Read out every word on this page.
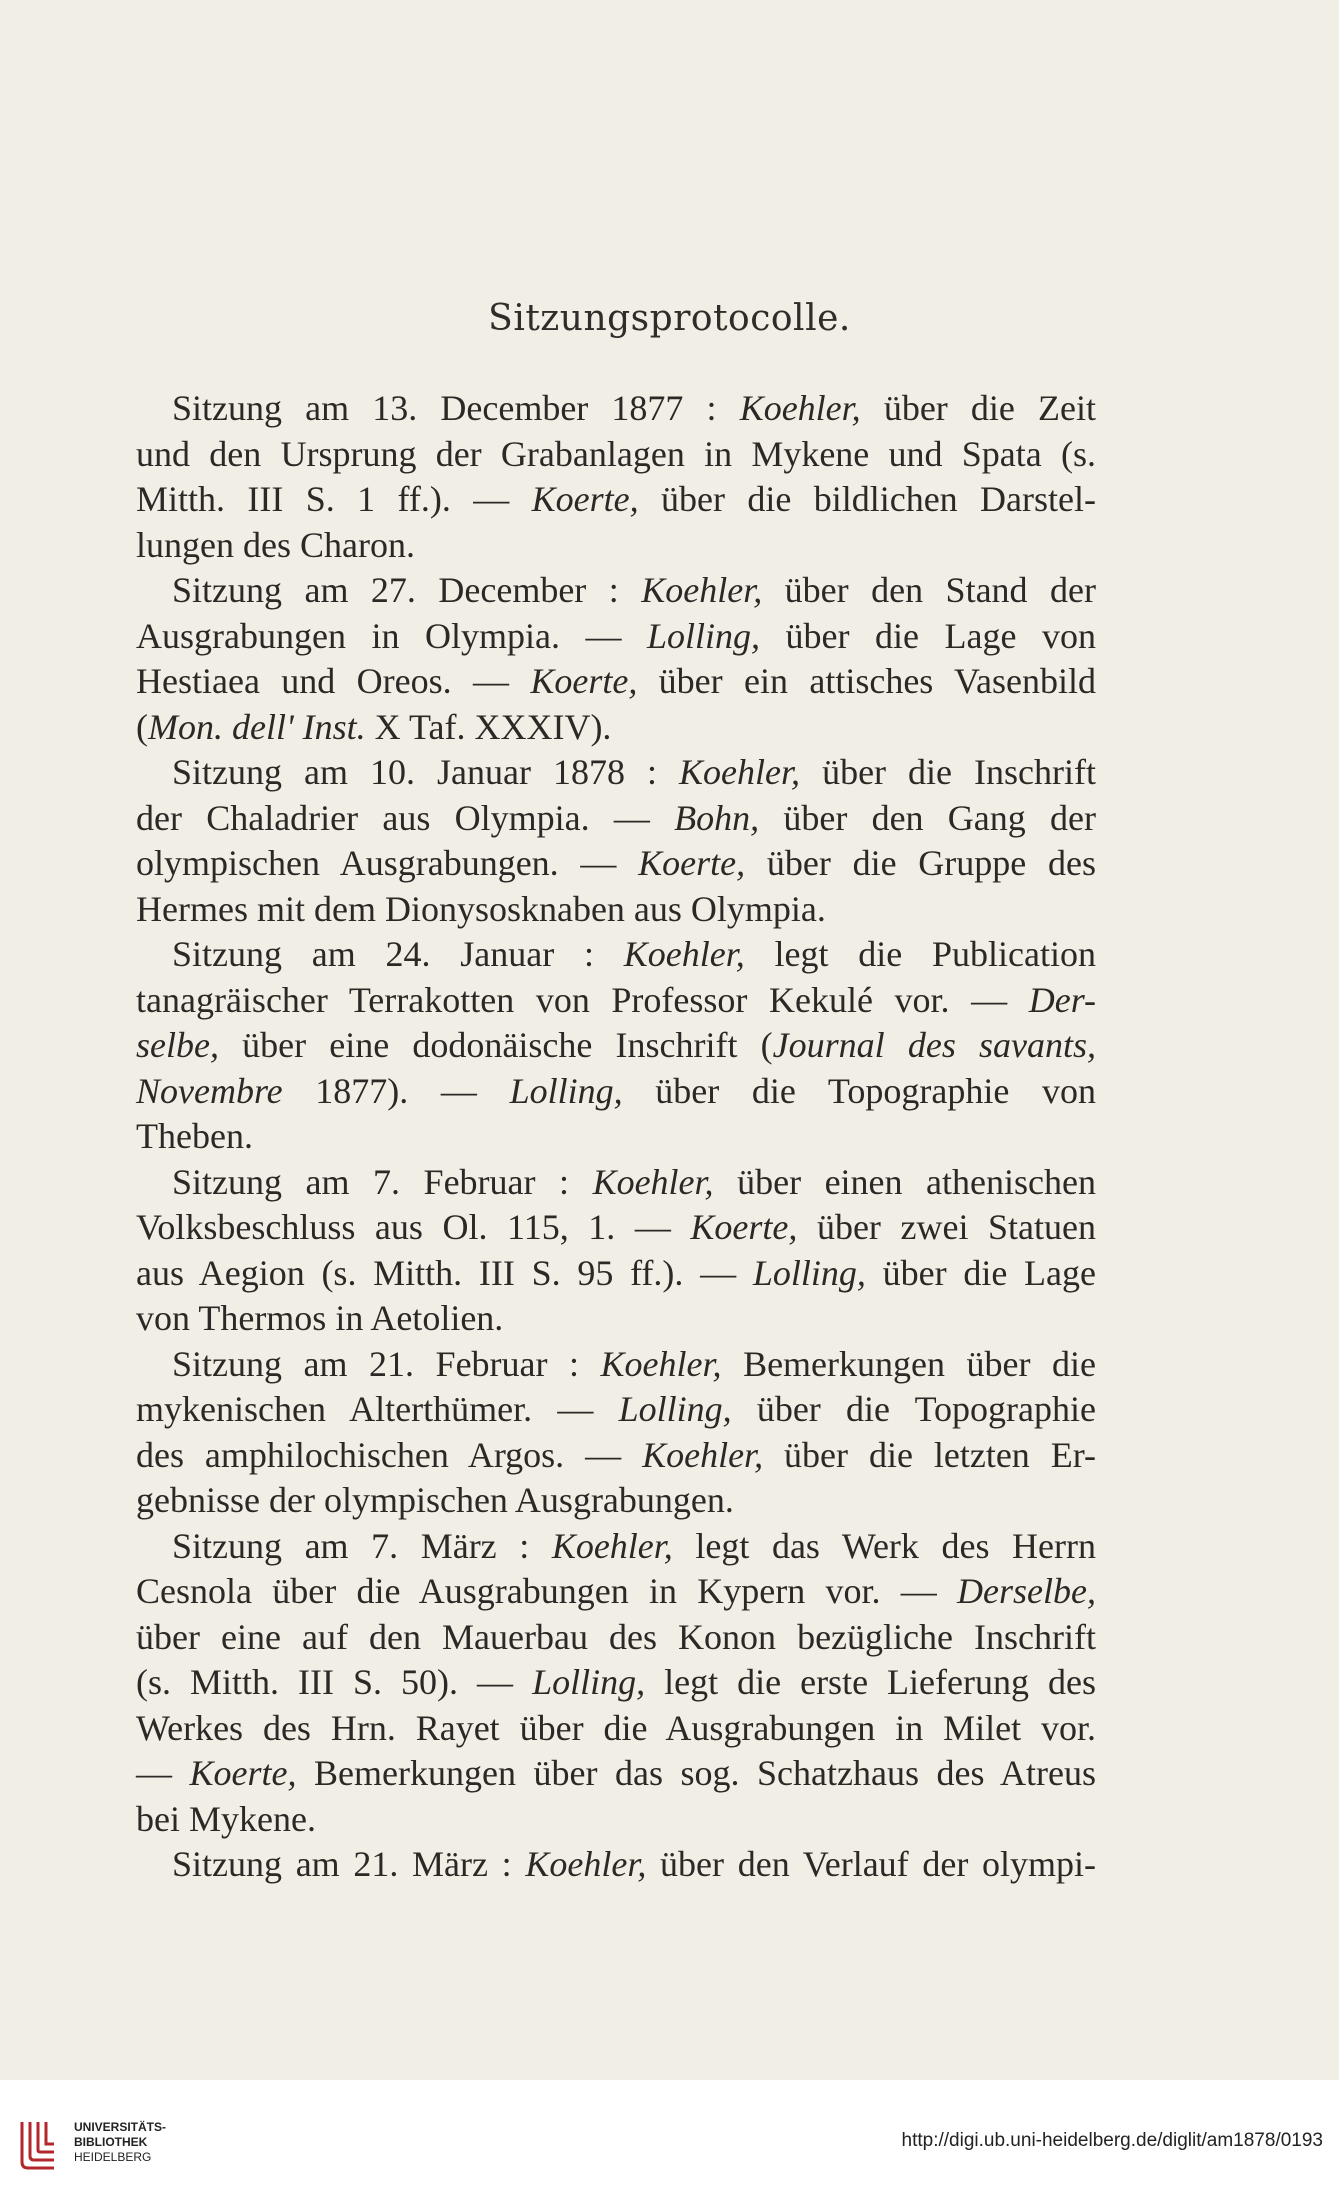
Sitzungsprotocolle.
Sitzung am 13. December 1877 : Koehler, über die Zeit
und den Ursprung der Grabanlagen in Mykene und Spata (s.
Mitth. III S. 1 ff.). — Koerte, über die bildlichen Darstel-
lungen des Charon.
Sitzung am 27. December : Koehler, über den Stand der
Ausgrabungen in Olympia. — Lolling, über die Lage von
Hestiaea und Oreos. — Koerte, über ein attisches Vasenbild
(Mon. dell' Inst. X Taf. XXXIV).
Sitzung am 10. Januar 1878 : Koehler, über die Inschrift
der Chaladrier aus Olympia. — Bohn, über den Gang der
olympischen Ausgrabungen. — Koerte, über die Gruppe des
Hermes mit dem Dionysosknaben aus Olympia.
Sitzung am 24. Januar : Koehler, legt die Publication
tanagräischer Terrakotten von Professor Kekulé vor. — Der-
selbe, über eine dodonäische Inschrift (Journal des savants,
Novembre 1877). — Lolling, über die Topographie von
Theben.
Sitzung am 7. Februar : Koehler, über einen athenischen
Volksbeschluss aus Ol. 115, 1. — Koerte, über zwei Statuen
aus Aegion (s. Mitth. III S. 95 ff.). — Lolling, über die Lage
von Thermos in Aetolien.
Sitzung am 21. Februar : Koehler, Bemerkungen über die
mykenischen Alterthümer. — Lolling, über die Topographie
des amphilochischen Argos. — Koehler, über die letzten Er-
gebnisse der olympischen Ausgrabungen.
Sitzung am 7. März : Koehler, legt das Werk des Herrn
Cesnola über die Ausgrabungen in Kypern vor. — Derselbe,
über eine auf den Mauerbau des Konon bezügliche Inschrift
(s. Mitth. III S. 50). — Lolling, legt die erste Lieferung des
Werkes des Hrn. Rayet über die Ausgrabungen in Milet vor.
— Koerte, Bemerkungen über das sog. Schatzhaus des Atreus
bei Mykene.
Sitzung am 21. März : Koehler, über den Verlauf der olympi-
UNIVERSITÄTS-
BIBLIOTHEK
HEIDELBERG
http://digi.ub.uni-heidelberg.de/diglit/am1878/0193
